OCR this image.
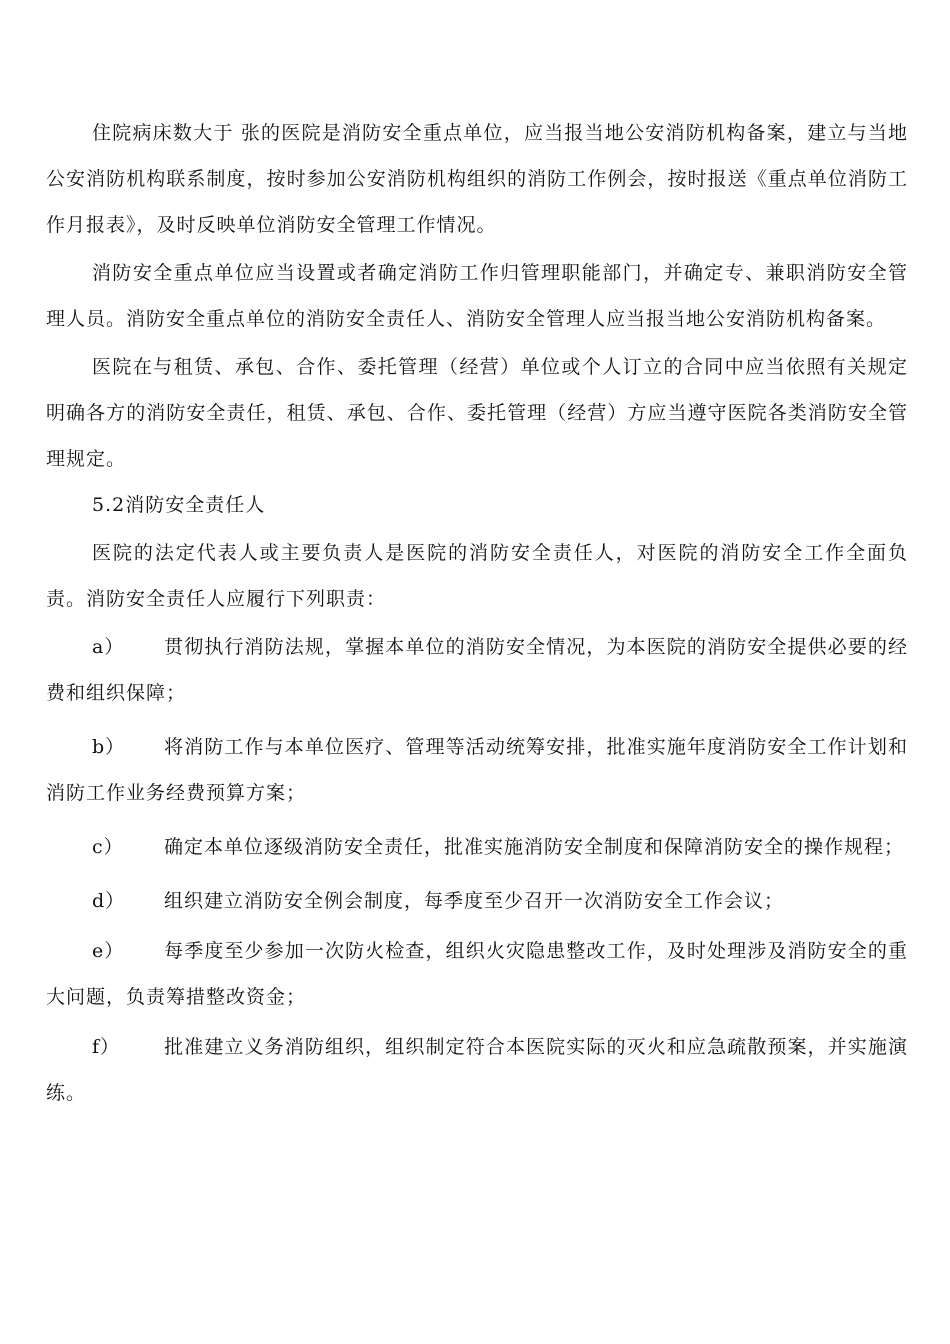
住院病床数大于 张的医院是消防安全重点单位，应当报当地公安消防机构备案，建立与当地公安消防机构联系制度，按时参加公安消防机构组织的消防工作例会，按时报送《重点单位消防工作月报表》，及时反映单位消防安全管理工作情况。

消防安全重点单位应当设置或者确定消防工作归管理职能部门，并确定专、兼职消防安全管理人员。消防安全重点单位的消防安全责任人、消防安全管理人应当报当地公安消防机构备案。

医院在与租赁、承包、合作、委托管理（经营）单位或个人订立的合同中应当依照有关规定明确各方的消防安全责任，租赁、承包、合作、委托管理（经营）方应当遵守医院各类消防安全管理规定。

5.2消防安全责任人

医院的法定代表人或主要负责人是医院的消防安全责任人，对医院的消防安全工作全面负责。消防安全责任人应履行下列职责：

a） 贯彻执行消防法规，掌握本单位的消防安全情况，为本医院的消防安全提供必要的经费和组织保障；

b） 将消防工作与本单位医疗、管理等活动统筹安排，批准实施年度消防安全工作计划和消防工作业务经费预算方案；

c） 确定本单位逐级消防安全责任，批准实施消防安全制度和保障消防安全的操作规程；

d） 组织建立消防安全例会制度，每季度至少召开一次消防安全工作会议；

e） 每季度至少参加一次防火检查，组织火灾隐患整改工作，及时处理涉及消防安全的重大问题，负责筹措整改资金；

f） 批准建立义务消防组织，组织制定符合本医院实际的灭火和应急疏散预案，并实施演练。
